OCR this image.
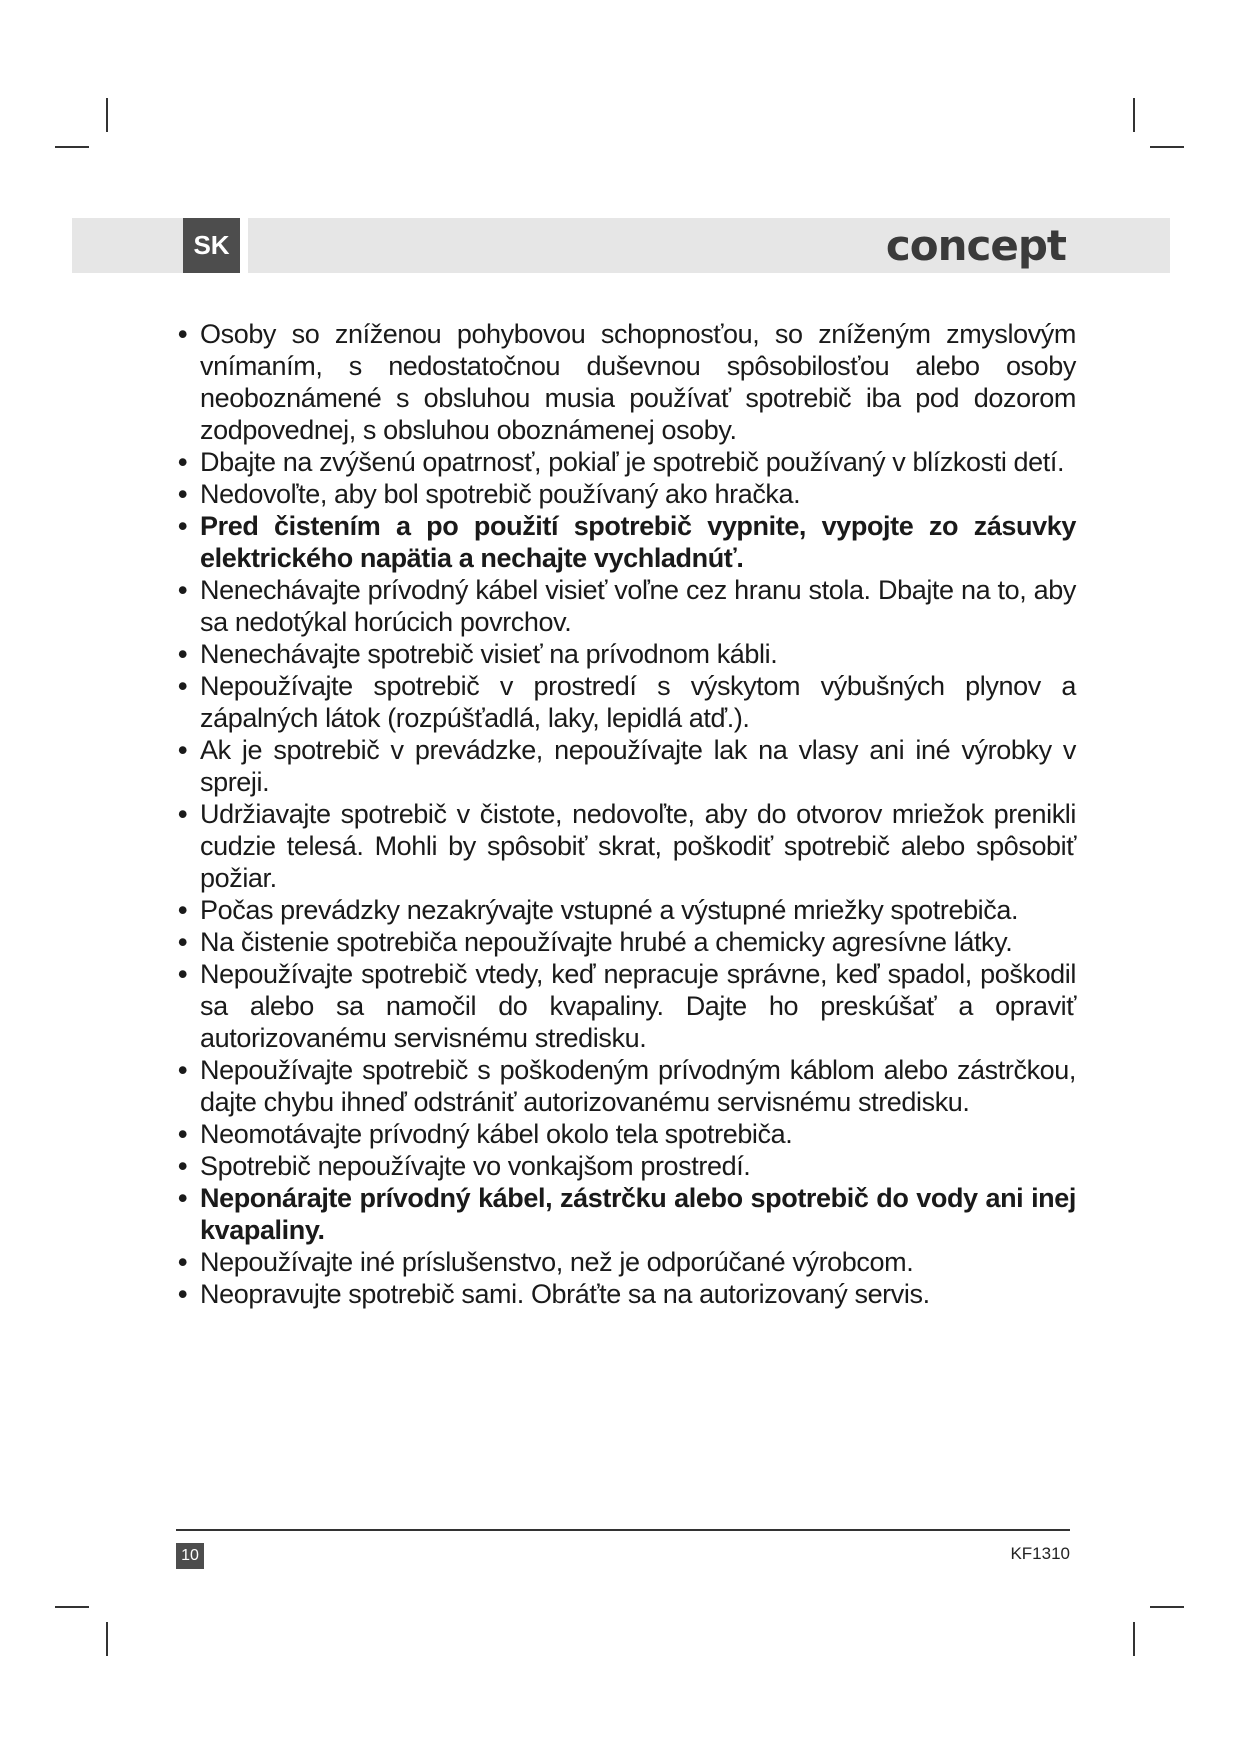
SK	concept
• Osoby so zníženou pohybovou schopnosťou, so zníženým zmyslovým vnímaním, s nedostatočnou duševnou spôsobilosťou alebo osoby neoboznámené s obsluhou musia používať spotrebič iba pod dozorom zodpovednej, s obsluhou oboznámenej osoby.
• Dbajte na zvýšenú opatrnosť, pokiaľ je spotrebič používaný v blízkosti detí.
• Nedovoľte, aby bol spotrebič používaný ako hračka.
• Pred čistením a po použití spotrebič vypnite, vypojte zo zásuvky elektrického napätia a nechajte vychladnúť.
• Nenechávajte prívodný kábel visieť voľne cez hranu stola. Dbajte na to, aby sa nedotýkal horúcich povrchov.
• Nenechávajte spotrebič visieť na prívodnom kábli.
• Nepoužívajte spotrebič v prostredí s výskytom výbušných plynov a zápalných látok (rozpúšťadlá, laky, lepidlá atď.).
• Ak je spotrebič v prevádzke, nepoužívajte lak na vlasy ani iné výrobky v spreji.
• Udržiavajte spotrebič v čistote, nedovoľte, aby do otvorov mriežok prenikli cudzie telesá. Mohli by spôsobiť skrat, poškodiť spotrebič alebo spôsobiť požiar.
• Počas prevádzky nezakrývajte vstupné a výstupné mriežky spotrebiča.
• Na čistenie spotrebiča nepoužívajte hrubé a chemicky agresívne látky.
• Nepoužívajte spotrebič vtedy, keď nepracuje správne, keď spadol, poškodil sa alebo sa namočil do kvapaliny. Dajte ho preskúšať a opraviť autorizovanému servisnému stredisku.
• Nepoužívajte spotrebič s poškodeným prívodným káblom alebo zástrčkou, dajte chybu ihneď odstrániť autorizovanému servisnému stredisku.
• Neomotávajte prívodný kábel okolo tela spotrebiča.
• Spotrebič nepoužívajte vo vonkajšom prostredí.
• Neponárajte prívodný kábel, zástrčku alebo spotrebič do vody ani inej kvapaliny.
• Nepoužívajte iné príslušenstvo, než je odporúčané výrobcom.
• Neopravujte spotrebič sami. Obráťte sa na autorizovaný servis.
10	KF1310
